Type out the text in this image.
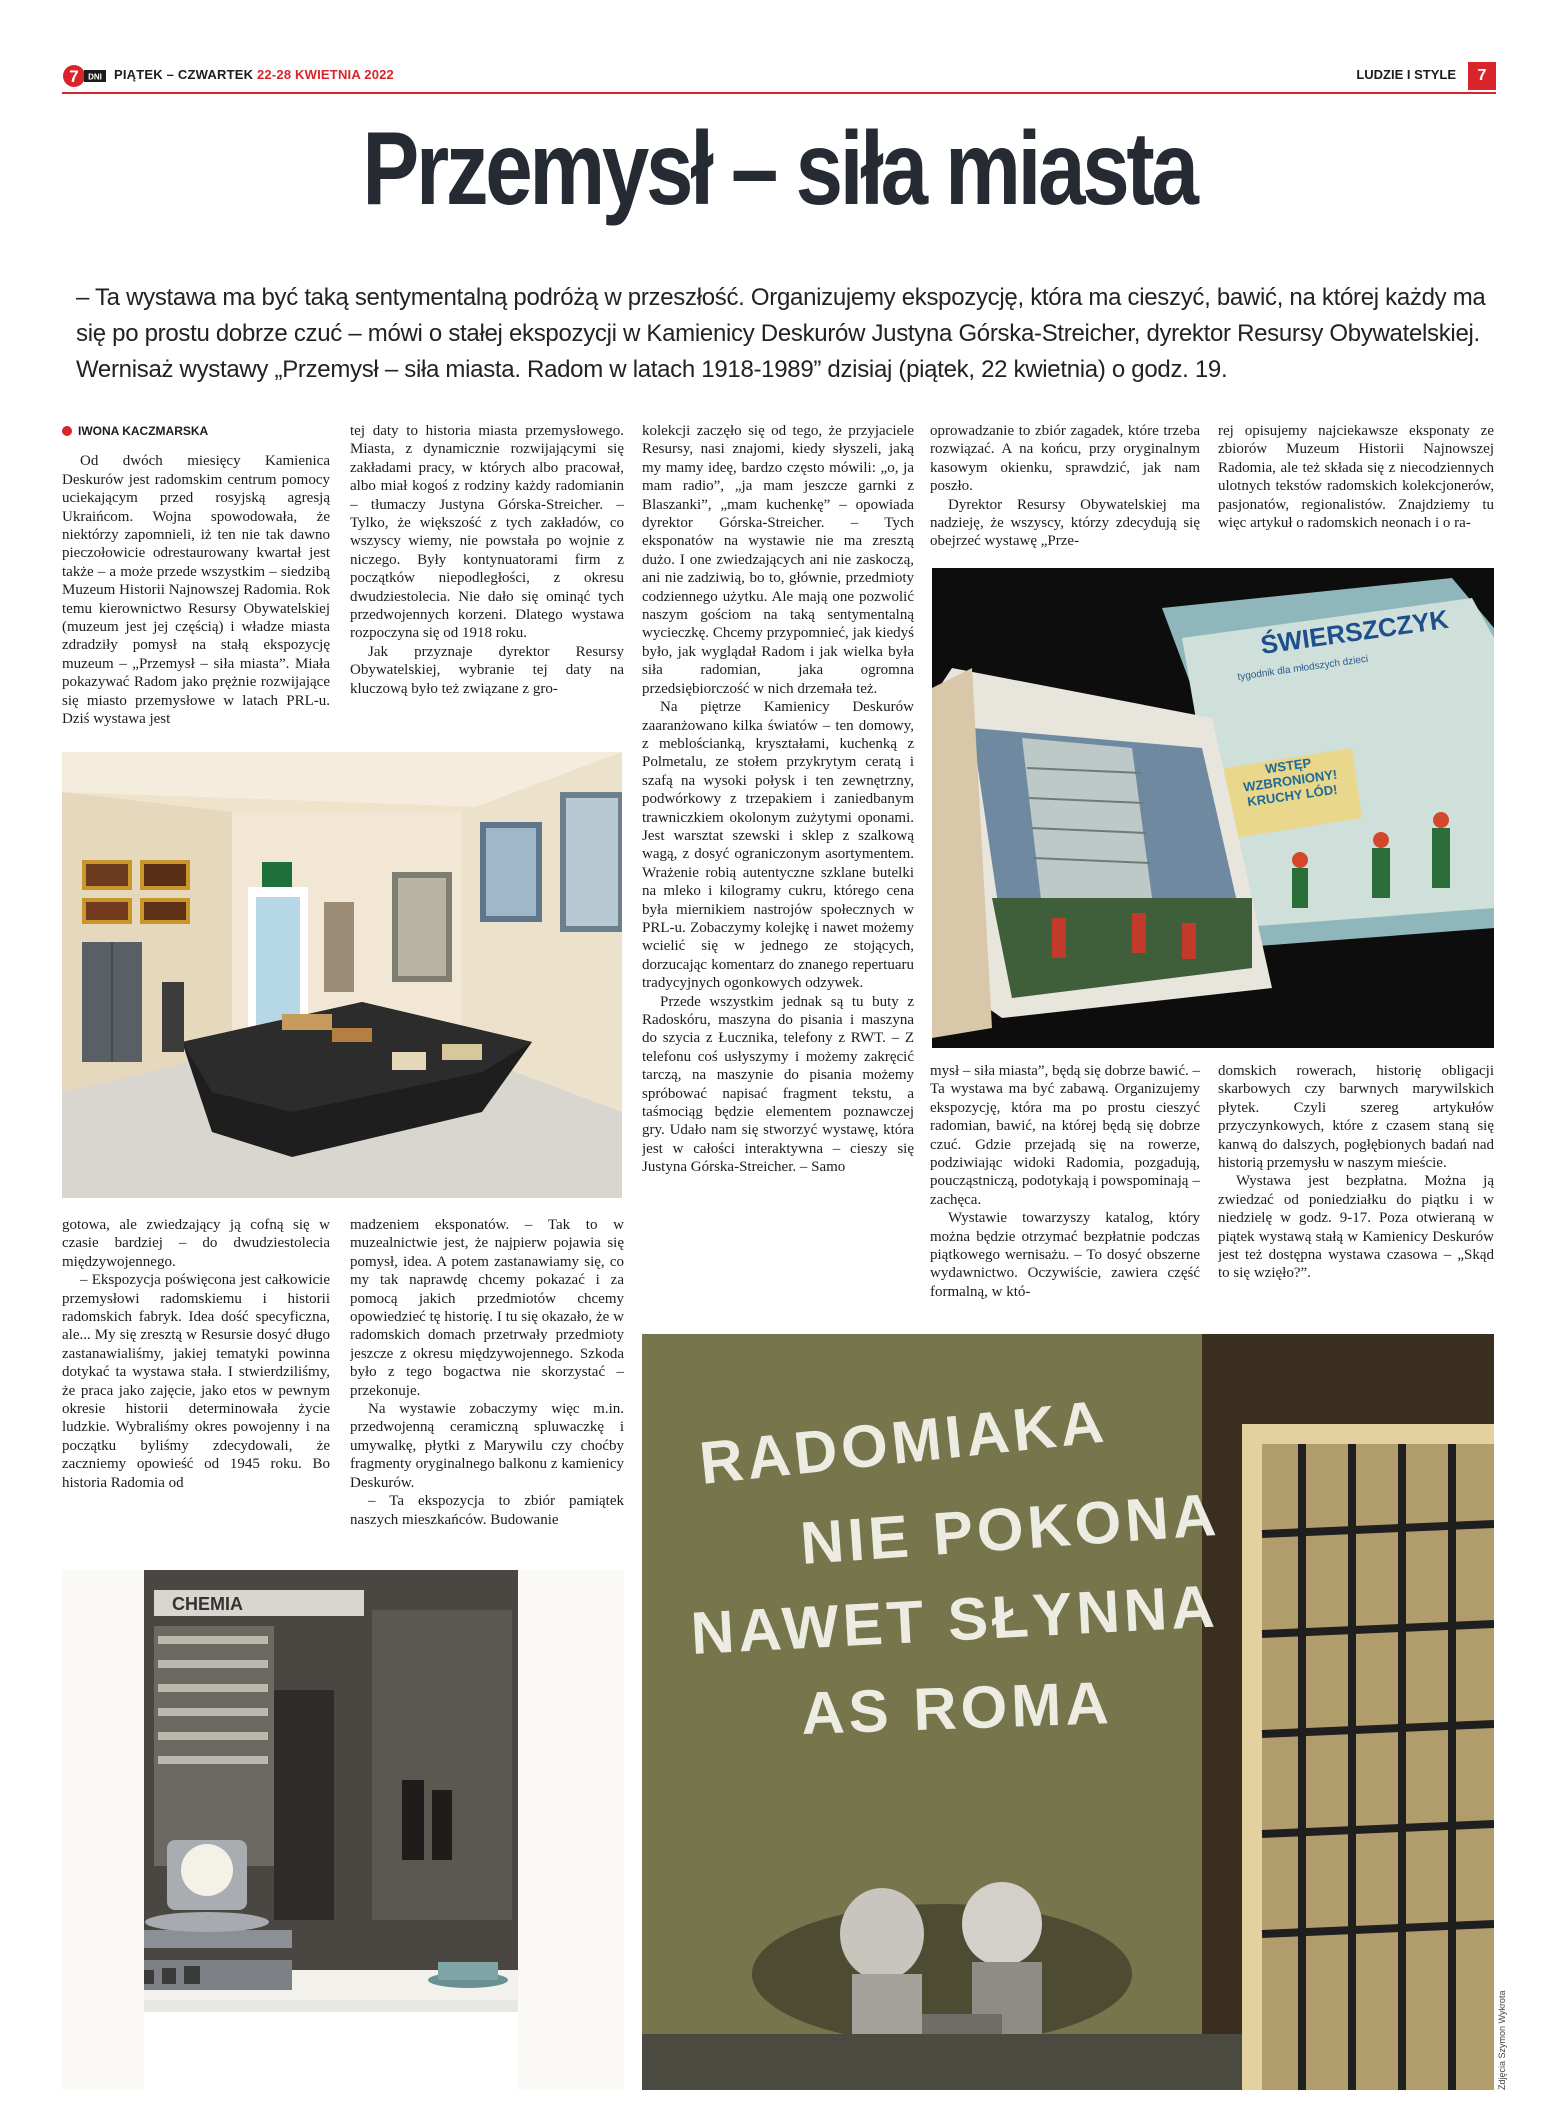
7 DNI PIĄTEK – CZWARTEK 22-28 KWIETNIA 2022	LUDZIE I STYLE	7
Przemysł – siła miasta
– Ta wystawa ma być taką sentymentalną podróżą w przeszłość. Organizujemy ekspozycję, która ma cieszyć, bawić, na której każdy ma się po prostu dobrze czuć – mówi o stałej ekspozycji w Kamienicy Deskurów Justyna Górska-Streicher, dyrektor Resursy Obywatelskiej. Wernisaż wystawy „Przemysł – siła miasta. Radom w latach 1918-1989” dzisiaj (piątek, 22 kwietnia) o godz. 19.
IWONA KACZMARSKA

Od dwóch miesięcy Kamienica Deskurów jest radomskim centrum pomocy uciekającym przed rosyjską agresją Ukraińcom. Wojna spowodowała, że niektórzy zapomnieli, iż ten nie tak dawno pieczołowicie odrestaurowany kwartał jest także – a może przede wszystkim – siedzibą Muzeum Historii Najnowszej Radomia. Rok temu kierownictwo Resursy Obywatelskiej (muzeum jest jej częścią) i władze miasta zdradziły pomysł na stałą ekspozycję muzeum – „Przemysł – siła miasta”. Miała pokazywać Radom jako prężnie rozwijające się miasto przemysłowe w latach PRL-u. Dziś wystawa jest

tej daty to historia miasta przemysłowego. Miasta, z dynamicznie rozwijającymi się zakładami pracy, w których albo pracował, albo miał kogoś z rodziny każdy radomianin – tłumaczy Justyna Górska-Streicher. – Tylko, że większość z tych zakładów, co wszyscy wiemy, nie powstała po wojnie z niczego. Były kontynuatorami firm z początków niepodległości, z okresu dwudziestolecia. Nie dało się ominąć tych przedwojennych korzeni. Dlatego wystawa rozpoczyna się od 1918 roku.

Jak przyznaje dyrektor Resursy Obywatelskiej, wybranie tej daty na kluczową było też związane z gro-

gotowa, ale zwiedzający ją cofną się w czasie bardziej – do dwudziestolecia międzywojennego.

– Ekspozycja poświęcona jest całkowicie przemysłowi radomskiemu i historii radomskich fabryk. Idea dość specyficzna, ale... My się zresztą w Resursie dosyć długo zastanawialiśmy, jakiej tematyki powinna dotykać ta wystawa stała. I stwierdziliśmy, że praca jako zajęcie, jako etos w pewnym okresie historii determinowała życie ludzkie. Wybraliśmy okres powojenny i na początku byliśmy zdecydowali, że zaczniemy opowieść od 1945 roku. Bo historia Radomia od

madzeniem eksponatów. – Tak to w muzealnictwie jest, że najpierw pojawia się pomysł, idea. A potem zastanawiamy się, co my tak naprawdę chcemy pokazać i za pomocą jakich przedmiotów chcemy opowiedzieć tę historię. I tu się okazało, że w radomskich domach przetrwały przedmioty jeszcze z okresu międzywojennego. Szkoda było z tego bogactwa nie skorzystać – przekonuje.

Na wystawie zobaczymy więc m.in. przedwojenną ceramiczną spluwaczkę i umywalkę, płytki z Marywilu czy choćby fragmenty oryginalnego balkonu z kamienicy Deskurów.

– Ta ekspozycja to zbiór pamiątek naszych mieszkańców. Budowanie

CHEMIA

kolekcji zaczęło się od tego, że przyjaciele Resursy, nasi znajomi, kiedy słyszeli, jaką my mamy ideę, bardzo często mówili: „o, ja mam radio”, „ja mam jeszcze garnki z Blaszanki”, „mam kuchenkę” – opowiada dyrektor Górska-Streicher. – Tych eksponatów na wystawie nie ma zresztą dużo. I one zwiedzających ani nie zaskoczą, ani nie zadziwią, bo to, głównie, przedmioty codziennego użytku. Ale mają one pozwolić naszym gościom na taką sentymentalną wycieczkę. Chcemy przypomnieć, jak kiedyś było, jak wyglądał Radom i jak wielka była siła radomian, jaka ogromna przedsiębiorczość w nich drzemała też.

Na piętrze Kamienicy Deskurów zaaranżowano kilka światów – ten domowy, z meblościanką, kryształami, kuchenką z Polmetalu, ze stołem przykrytym ceratą i szafą na wysoki połysk i ten zewnętrzny, podwórkowy z trzepakiem i zaniedbanym trawniczkiem okolonym zużytymi oponami. Jest warsztat szewski i sklep z szalkową wagą, z dosyć ograniczonym asortymentem. Wrażenie robią autentyczne szklane butelki na mleko i kilogramy cukru, którego cena była miernikiem nastrojów społecznych w PRL-u. Zobaczymy kolejkę i nawet możemy wcielić się w jednego ze stojących, dorzucając komentarz do znanego repertuaru tradycyjnych ogonkowych odzywek.

Przede wszystkim jednak są tu buty z Radoskóru, maszyna do pisania i maszyna do szycia z Łucznika, telefony z RWT. – Z telefonu coś usłyszymy i możemy zakręcić tarczą, na maszynie do pisania możemy spróbować napisać fragment tekstu, a taśmociąg będzie elementem poznawczej gry. Udało nam się stworzyć wystawę, która jest w całości interaktywna – cieszy się Justyna Górska-Streicher. – Samo

oprowadzanie to zbiór zagadek, które trzeba rozwiązać. A na końcu, przy oryginalnym kasowym okienku, sprawdzić, jak nam poszło.

Dyrektor Resursy Obywatelskiej ma nadzieję, że wszyscy, którzy zdecydują się obejrzeć wystawę „Prze-

rej opisujemy najciekawsze eksponaty ze zbiorów Muzeum Historii Najnowszej Radomia, ale też składa się z niecodziennych ulotnych tekstów radomskich kolekcjonerów, pasjonatów, regionalistów. Znajdziemy tu więc artykuł o radomskich neonach i o ra-

ŚWIERSZCZYK
tygodnik dla młodszych dzieci
WSTĘP WZBRONIONY! KRUCHY LÓD!

mysł – siła miasta”, będą się dobrze bawić. – Ta wystawa ma być zabawą. Organizujemy ekspozycję, która ma po prostu cieszyć radomian, bawić, na której będą się dobrze czuć. Gdzie przejadą się na rowerze, podziwiając widoki Radomia, pozgadują, poucząstniczą, podotykają i powspominają – zachęca.

Wystawie towarzyszy katalog, który można będzie otrzymać bezpłatnie podczas piątkowego wernisażu. – To dosyć obszerne wydawnictwo. Oczywiście, zawiera część formalną, w któ-

domskich rowerach, historię obligacji skarbowych czy barwnych marywilskich płytek. Czyli szereg artykułów przyczynkowych, które z czasem staną się kanwą do dalszych, pogłębionych badań nad historią przemysłu w naszym mieście.

Wystawa jest bezpłatna. Można ją zwiedzać od poniedziałku do piątku i w niedzielę w godz. 9-17. Poza otwieraną w piątek wystawą stałą w Kamienicy Deskurów jest też dostępna wystawa czasowa – „Skąd to się wzięło?”.

RADOMIAKA
NIE POKONA
NAWET SŁYNNA
AS ROMA
Zdjęcia Szymon Wykrota
